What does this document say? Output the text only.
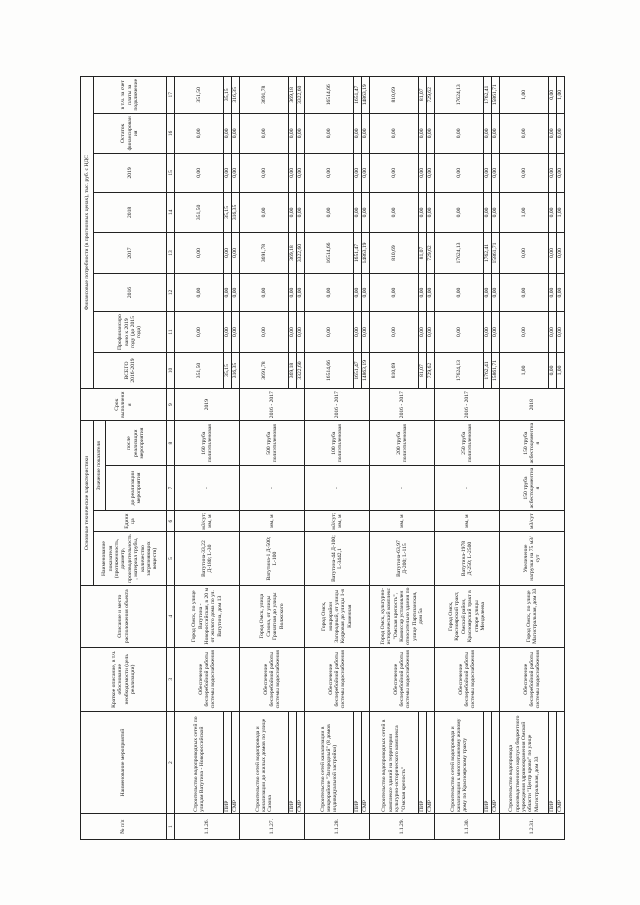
№ п/п	Наименование мероприятий	Краткое описание, в т.ч. обоснование необходимости (цель реализации)	Описание и место расположения объекта	Основные технические характеристики				Срок выполнения	Финансовые потребности (в прогнозных ценах), тыс. руб. с НДС							
				Наименование показателя (протяженность, диаметр, производительность, материал трубы, количество загрязняющих веществ)	Единица	Значение показателя			ВСЕГО 2016-2019	Профинансировано к 2019 году (до 2015 года)	2016	2017	2018	2019	Остаток финансирования	в т.ч. за счет платы за подключение
						до реализации мероприятия	после реализации мероприятия									
1	2	3	4	5	6	7	8	9	10	11	12	13	14	15	16	17
1.1.26.	Строительство водопроводных сетей по улицам Ватутина - Новороссийской	Обеспечение бесперебойной работы системы водоснабжения	Город Омск, по улице Ватутина - Новороссийская, в 20 м от жилого дома по ул. Ватутина, дом 13	Ватутина-33,22 Д-180; L-30	м3/сут; мм, м	-	160 труба полиэтиленовая	2019	351,50	0,00	0,00	0,00	351,50	0,00	0,00	351,50
	ПИР								35,15	0,00	0,00	0,00	35,15	0,00	0,00	35,15
	СМР								316,35	0,00	0,00	0,00	316,35	0,00	0,00	316,35
1.1.27.	Строительство сетей водопровода и канализации до жилых домов по улице Сазона	Обеспечение бесперебойной работы системы водоснабжения	Город Омск, улица Сазона, от улицы Гранатная до улицы Волжского	Ватутина-1 Д-500; L-100	мм, м	-	500 труба полиэтиленовая	2016 - 2017	3691,78	0,00	0,00	3691,78	0,00	0,00	0,00	3691,78
	ПИР								369,18	0,00	0,00	369,18	0,00	0,00	0,00	369,18
	СМР								3322,60	0,00	0,00	3322,60	0,00	0,00	0,00	3322,60
1.1.28.	Строительство сетей канализации в микрорайоне "Загородный" (8 домов индивидуальной застройки)	Обеспечение бесперебойной работы системы водоснабжения	Город Омск, микрорайон Загородный, от улицы Кедровая до улицы 1-я Каменная	Ватутина-44 Д-100; L-3442,1	м3/сут; мм, м	-	100 труба полиэтиленовая	2016 - 2017	16514,66	0,00	0,00	16514,66	0,00	0,00	0,00	16514,66
	ПИР								1651,47	0,00	0,00	1651,47	0,00	0,00	0,00	1651,47
	СМР								14863,19	0,00	0,00	14863,19	0,00	0,00	0,00	14863,19
1.1.29.	Строительство водопроводных сетей в комплексе зданий на территории культурно-исторического комплекса "Омская крепость"	Обеспечение бесперебойной работы системы водоснабжения	Город Омск, культурно-исторический комплекс "Омская крепость", Комиссар установлен относительно здания по улице Партизанская, дом 5а	Ватутина-63,97 Д-200; L-115	мм, м	-	200 труба полиэтиленовая	2016 - 2017	810,69	0,00	0,00	810,69	0,00	0,00	0,00	810,69
	ПИР								81,07	0,00	0,00	81,07	0,00	0,00	0,00	81,07
	СМР								729,62	0,00	0,00	729,62	0,00	0,00	0,00	729,62
1.1.30.	Строительство сетей водопровода и канализации к многоэтажному жилому дому по Красноярскому тракту	Обеспечение бесперебойной работы системы водоснабжения	Город Омск, Красноярский тракт, Омский район, Красноярский тракт в створе улицы Менделеева	Ватутина-1978 Д-250; L-2500	мм, м	-	250 труба полиэтиленовая	2016 - 2017	17624,13	0,00	0,00	17624,13	0,00	0,00	0,00	17624,13
	ПИР								1762,41	0,00	0,00	1762,41	0,00	0,00	0,00	1762,41
	СМР								15861,71	0,00	0,00	15861,71	0,00	0,00	0,00	15861,71
1.2.31.	Строительство водопровода производственного корпуса бюджетного учреждения здравоохранения Омской области "Центр крови" по улице Магистральная, дом 33	Обеспечение бесперебойной работы системы водоснабжения	Город Омск, по улице Магистральная, дом 33	Увеличение нагрузки на 75 м3/сут	м3/сут	150 труба асбестоцементная	150 труба асбестоцементная	2018	1,00	0,00	0,00	0,00	1,00	0,00	0,00	1,00
	ПИР								0,00	0,00	0,00	0,00	0,00	0,00	0,00	0,00
	СМР								1,00	0,00	0,00	0,00	1,00	0,00	0,00	1,00
